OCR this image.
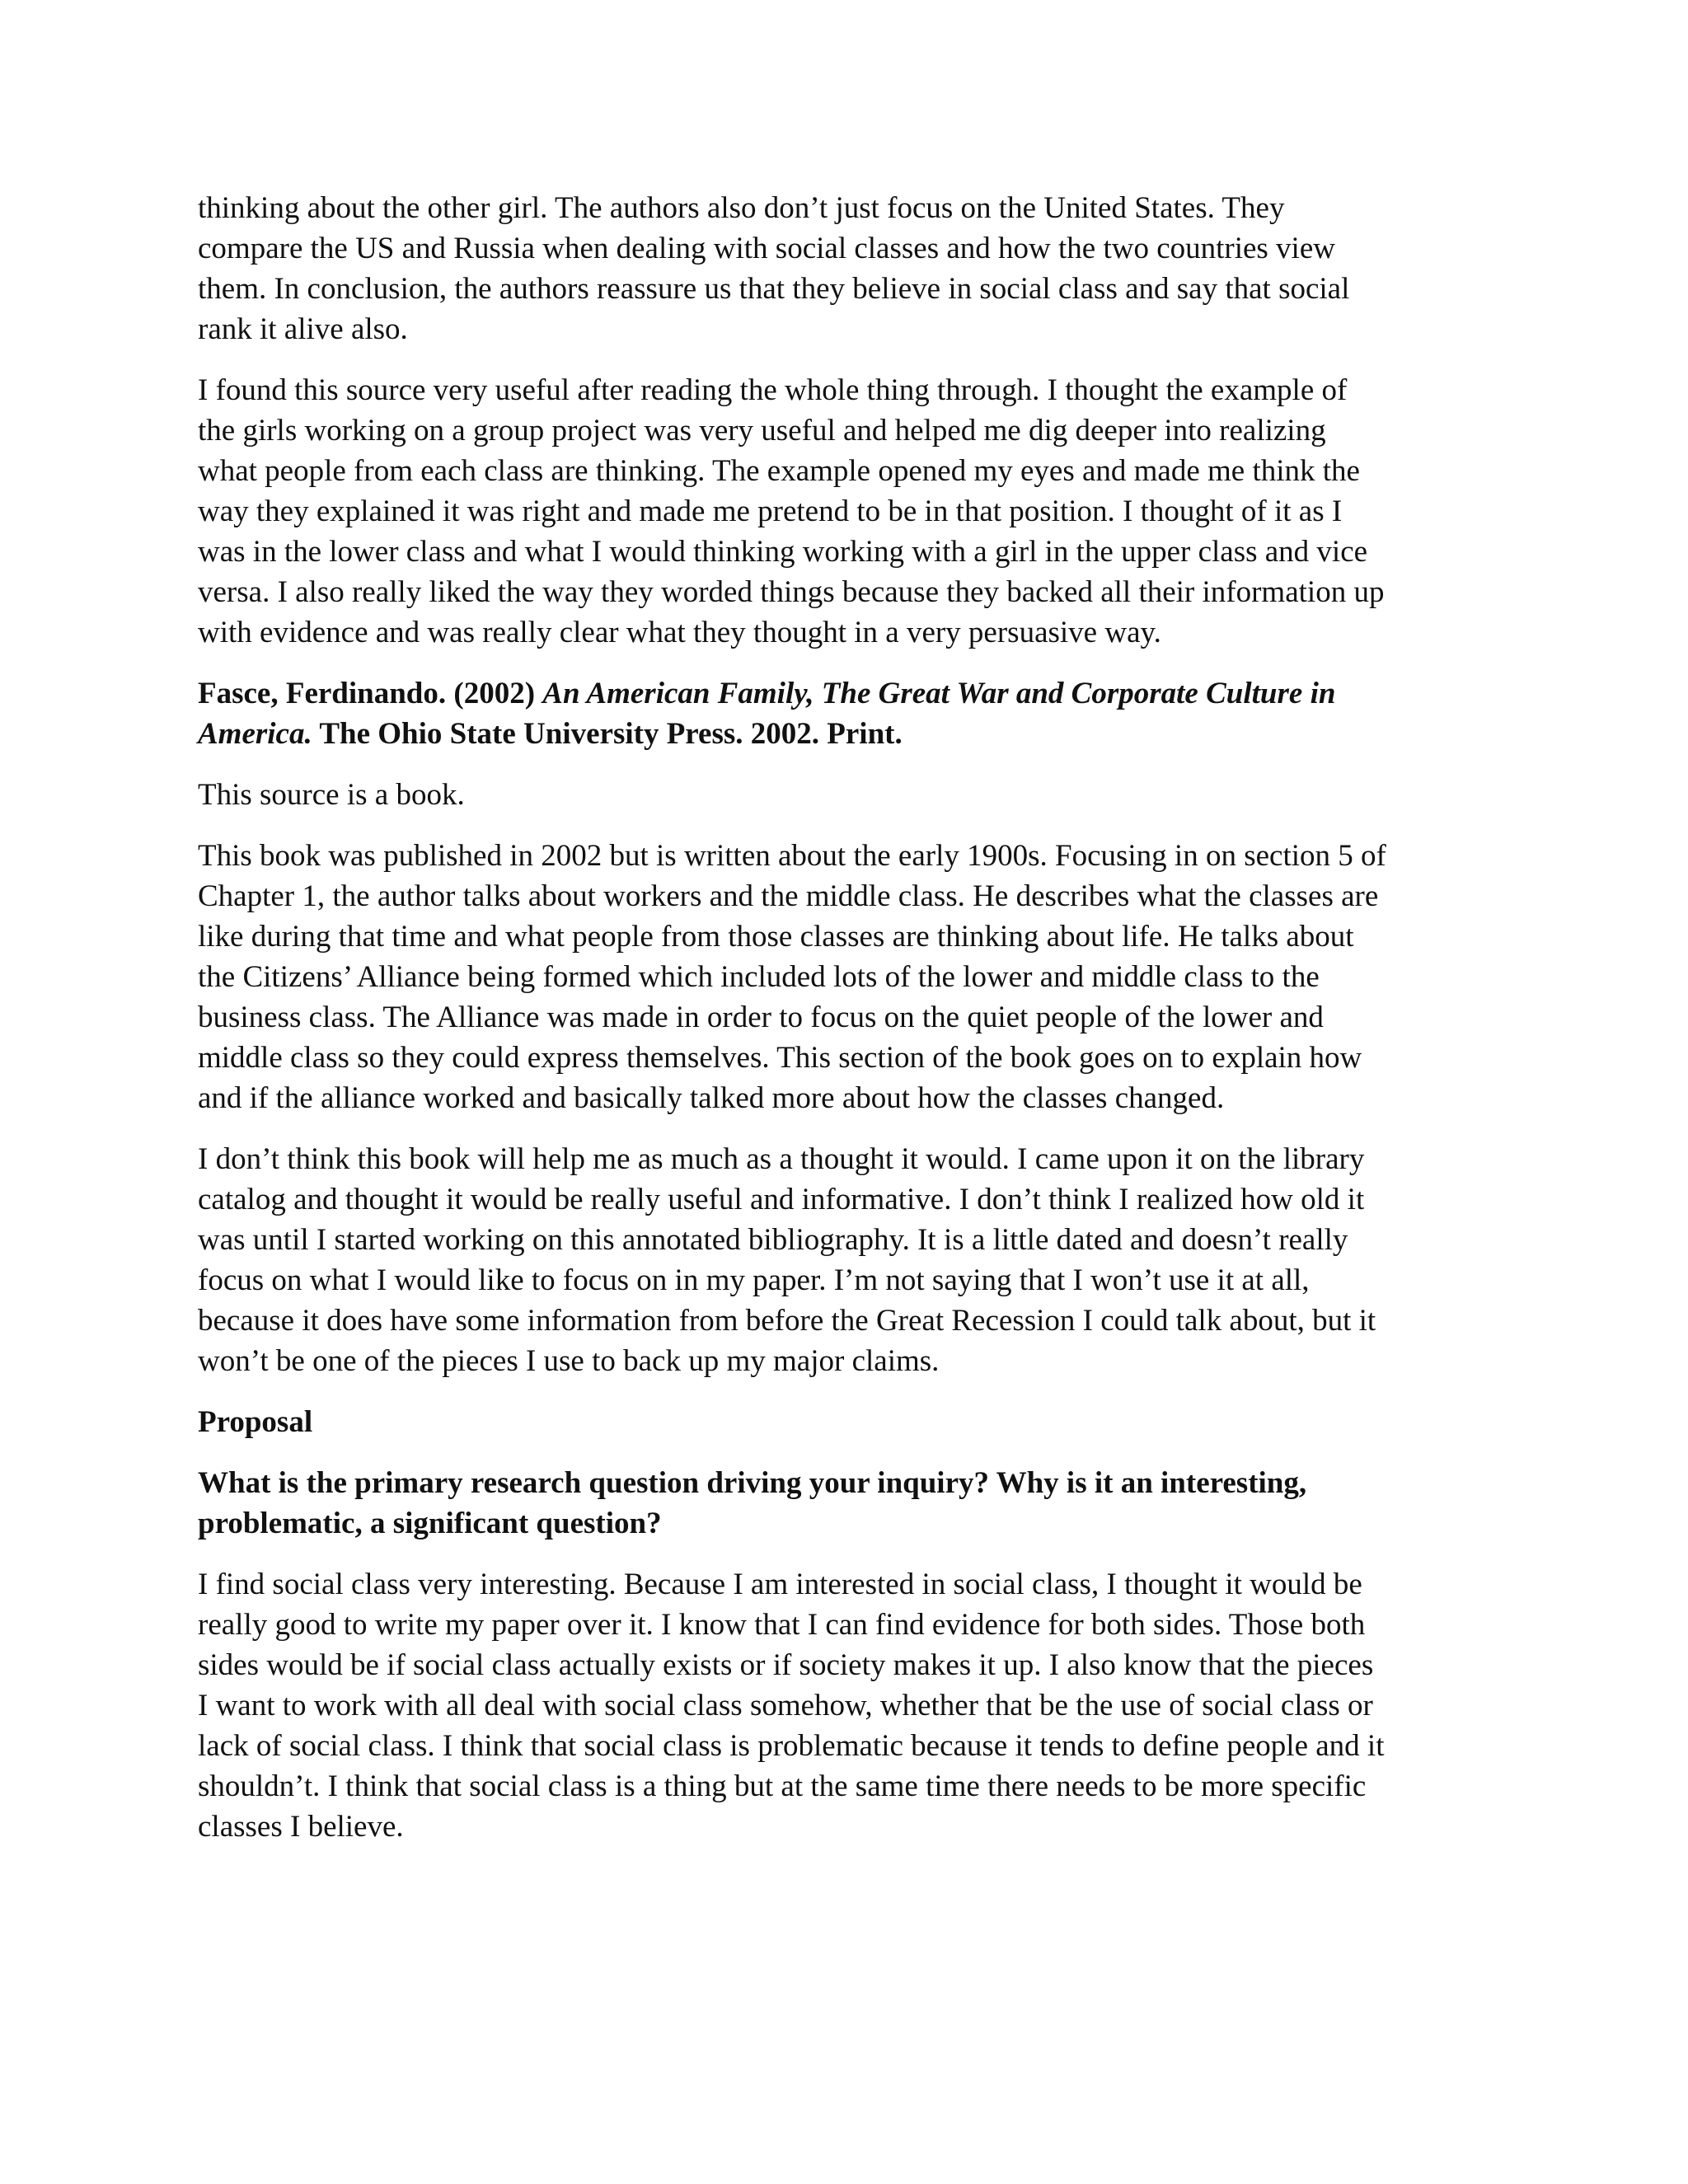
thinking about the other girl. The authors also don’t just focus on the United States. They
compare the US and Russia when dealing with social classes and how the two countries view
them. In conclusion, the authors reassure us that they believe in social class and say that social
rank it alive also.

I found this source very useful after reading the whole thing through. I thought the example of
the girls working on a group project was very useful and helped me dig deeper into realizing
what people from each class are thinking. The example opened my eyes and made me think the
way they explained it was right and made me pretend to be in that position. I thought of it as I
was in the lower class and what I would thinking working with a girl in the upper class and vice
versa. I also really liked the way they worded things because they backed all their information up
with evidence and was really clear what they thought in a very persuasive way.

Fasce, Ferdinando. (2002) An American Family, The Great War and Corporate Culture in
America. The Ohio State University Press. 2002. Print.

This source is a book.

This book was published in 2002 but is written about the early 1900s. Focusing in on section 5 of
Chapter 1, the author talks about workers and the middle class. He describes what the classes are
like during that time and what people from those classes are thinking about life. He talks about
the Citizens’ Alliance being formed which included lots of the lower and middle class to the
business class. The Alliance was made in order to focus on the quiet people of the lower and
middle class so they could express themselves. This section of the book goes on to explain how
and if the alliance worked and basically talked more about how the classes changed.

I don’t think this book will help me as much as a thought it would. I came upon it on the library
catalog and thought it would be really useful and informative. I don’t think I realized how old it
was until I started working on this annotated bibliography. It is a little dated and doesn’t really
focus on what I would like to focus on in my paper. I’m not saying that I won’t use it at all,
because it does have some information from before the Great Recession I could talk about, but it
won’t be one of the pieces I use to back up my major claims.

Proposal

What is the primary research question driving your inquiry? Why is it an interesting,
problematic, a significant question?

I find social class very interesting. Because I am interested in social class, I thought it would be
really good to write my paper over it. I know that I can find evidence for both sides. Those both
sides would be if social class actually exists or if society makes it up. I also know that the pieces
I want to work with all deal with social class somehow, whether that be the use of social class or
lack of social class. I think that social class is problematic because it tends to define people and it
shouldn’t. I think that social class is a thing but at the same time there needs to be more specific
classes I believe.
